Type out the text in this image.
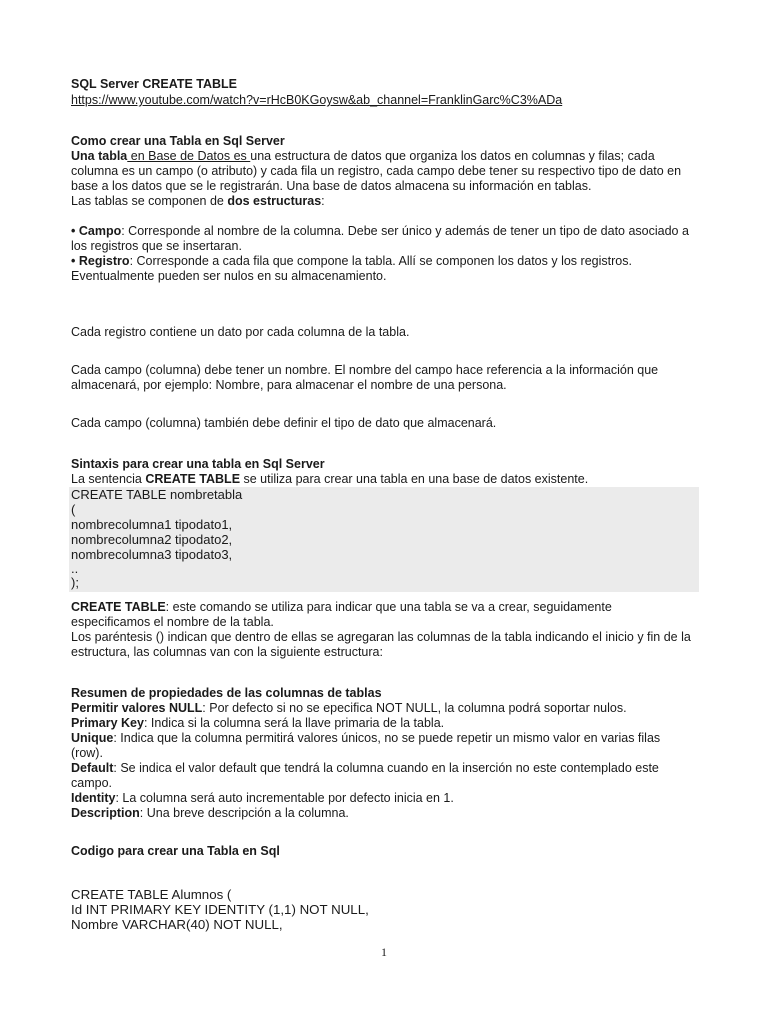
SQL Server CREATE TABLE

https://www.youtube.com/watch?v=rHcB0KGoysw&ab_channel=FranklinGarc%C3%ADa

Como crear una Tabla en Sql Server

Una tabla en Base de Datos es una estructura de datos que organiza los datos en columnas y filas; cada

columna es un campo (o atributo) y cada fila un registro, cada campo debe tener su respectivo tipo de dato en

base a los datos que se le registrarán. Una base de datos almacena su información en tablas.

Las tablas se componen de dos estructuras:

• Campo: Corresponde al nombre de la columna. Debe ser único y además de tener un tipo de dato asociado a

los registros que se insertaran.

• Registro: Corresponde a cada fila que compone la tabla. Allí se componen los datos y los registros.

Eventualmente pueden ser nulos en su almacenamiento.

Cada registro contiene un dato por cada columna de la tabla.

Cada campo (columna) debe tener un nombre. El nombre del campo hace referencia a la información que

almacenará, por ejemplo: Nombre, para almacenar el nombre de una persona.

Cada campo (columna) también debe definir el tipo de dato que almacenará.

Sintaxis para crear una tabla en Sql Server

La sentencia CREATE TABLE se utiliza para crear una tabla en una base de datos existente.

CREATE TABLE nombretabla

(

nombrecolumna1 tipodato1,

nombrecolumna2 tipodato2,

nombrecolumna3 tipodato3,

..

);

CREATE TABLE: este comando se utiliza para indicar que una tabla se va a crear, seguidamente

especificamos el nombre de la tabla.

Los paréntesis () indican que dentro de ellas se agregaran las columnas de la tabla indicando el inicio y fin de la

estructura, las columnas van con la siguiente estructura:

Resumen de propiedades de las columnas de tablas

Permitir valores NULL: Por defecto si no se epecifica NOT NULL, la columna podrá soportar nulos.

Primary Key: Indica si la columna será la llave primaria de la tabla.

Unique: Indica que la columna permitirá valores únicos, no se puede repetir un mismo valor en varias filas

(row).

Default: Se indica el valor default que tendrá la columna cuando en la inserción no este contemplado este

campo.

Identity: La columna será auto incrementable por defecto inicia en 1.

Description: Una breve descripción a la columna.

Codigo para crear una Tabla en Sql

CREATE TABLE Alumnos (

Id INT PRIMARY KEY IDENTITY (1,1) NOT NULL,

Nombre VARCHAR(40) NOT NULL,

1
